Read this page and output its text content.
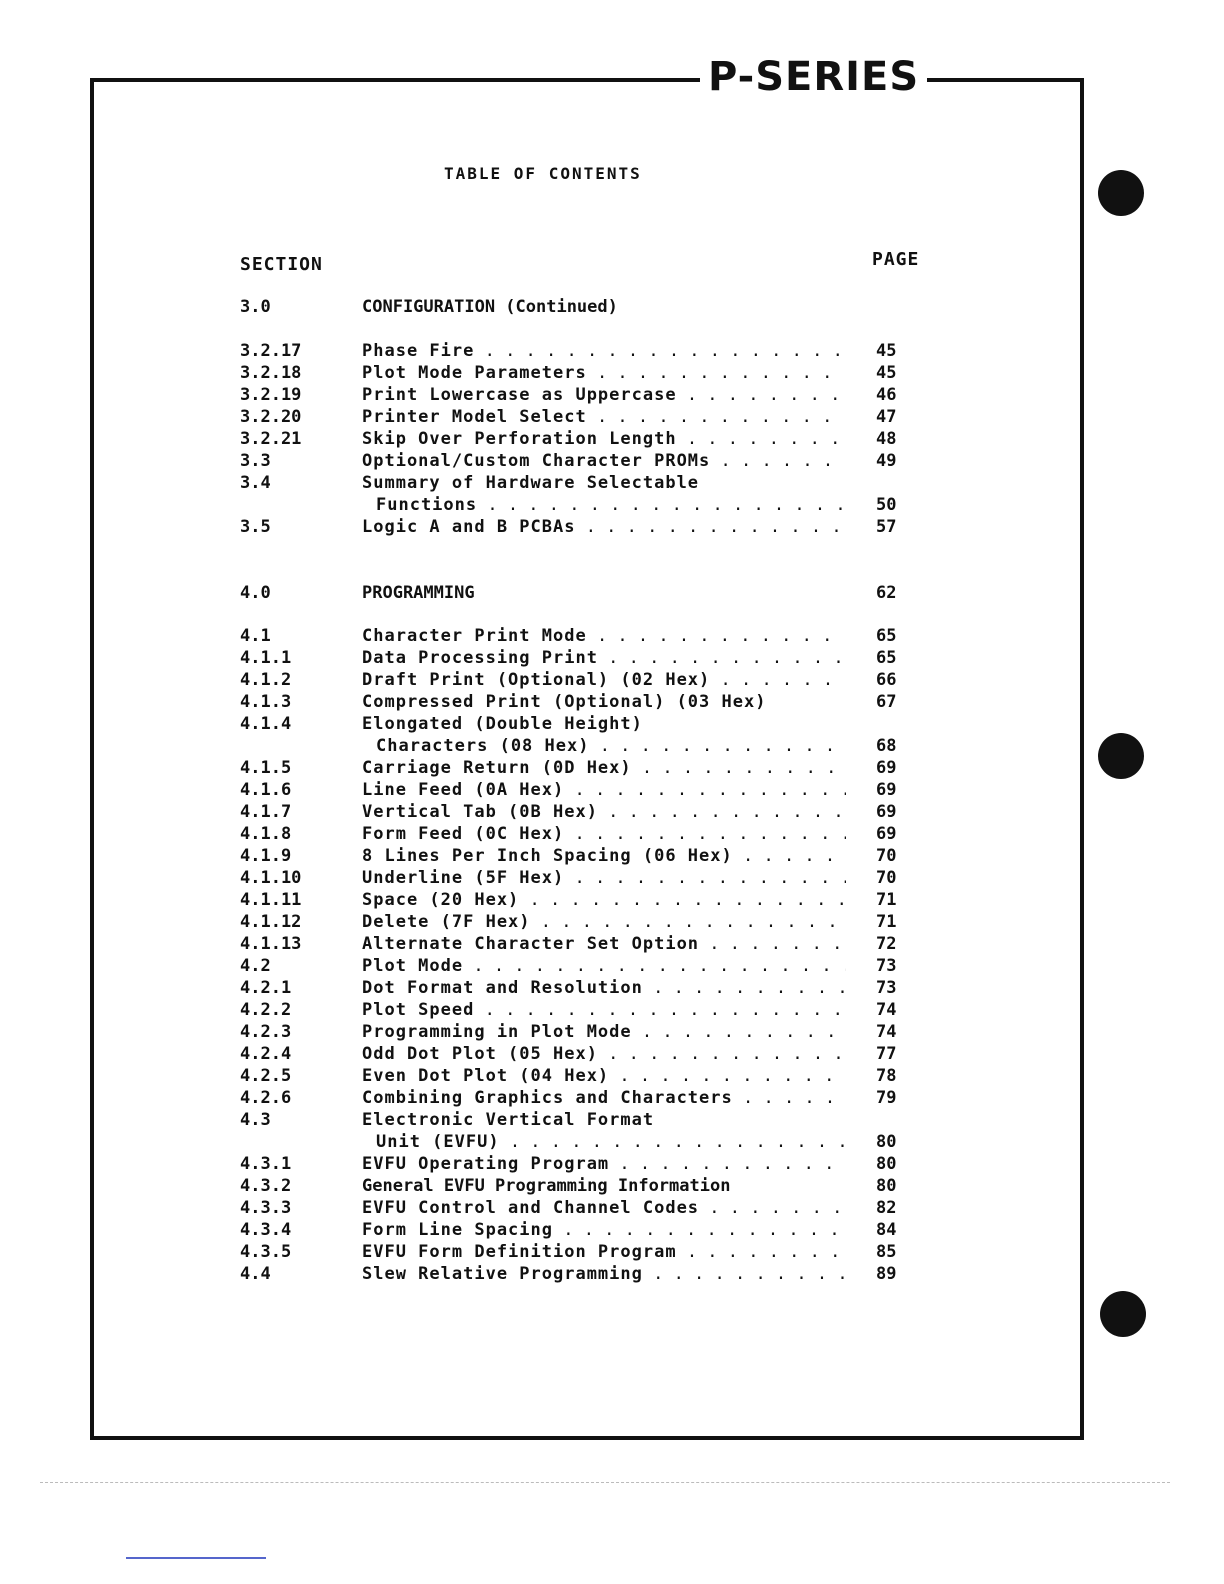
P-SERIES
TABLE OF CONTENTS
SECTION	PAGE
3.0	CONFIGURATION (Continued)
3.2.17	Phase Fire . . .	45
3.2.18	Plot Mode Parameters . . .	45
3.2.19	Print Lowercase as Uppercase . . .	46
3.2.20	Printer Model Select . . .	47
3.2.21	Skip Over Perforation Length . . .	48
3.3	Optional/Custom Character PROMs . . .	49
3.4	Summary of Hardware Selectable
Functions . . .	50
3.5	Logic A and B PCBAs . . .	57
4.0	PROGRAMMING	62
4.1	Character Print Mode . . .	65
4.1.1	Data Processing Print . . .	65
4.1.2	Draft Print (Optional) (02 Hex) . . .	66
4.1.3	Compressed Print (Optional) (03 Hex)	67
4.1.4	Elongated (Double Height)
Characters (08 Hex) . . .	68
4.1.5	Carriage Return (0D Hex) . . .	69
4.1.6	Line Feed (0A Hex) . . .	69
4.1.7	Vertical Tab (0B Hex) . . .	69
4.1.8	Form Feed (0C Hex) . . .	69
4.1.9	8 Lines Per Inch Spacing (06 Hex) . . .	70
4.1.10	Underline (5F Hex) . . .	70
4.1.11	Space (20 Hex) . . .	71
4.1.12	Delete (7F Hex) . . .	71
4.1.13	Alternate Character Set Option . . .	72
4.2	Plot Mode . . .	73
4.2.1	Dot Format and Resolution . . .	73
4.2.2	Plot Speed . . .	74
4.2.3	Programming in Plot Mode . . .	74
4.2.4	Odd Dot Plot (05 Hex) . . .	77
4.2.5	Even Dot Plot (04 Hex) . . .	78
4.2.6	Combining Graphics and Characters . . .	79
4.3	Electronic Vertical Format
Unit (EVFU) . . .	80
4.3.1	EVFU Operating Program . . .	80
4.3.2	General EVFU Programming Information	80
4.3.3	EVFU Control and Channel Codes . . .	82
4.3.4	Form Line Spacing . . .	84
4.3.5	EVFU Form Definition Program . . .	85
4.4	Slew Relative Programming . . .	89
